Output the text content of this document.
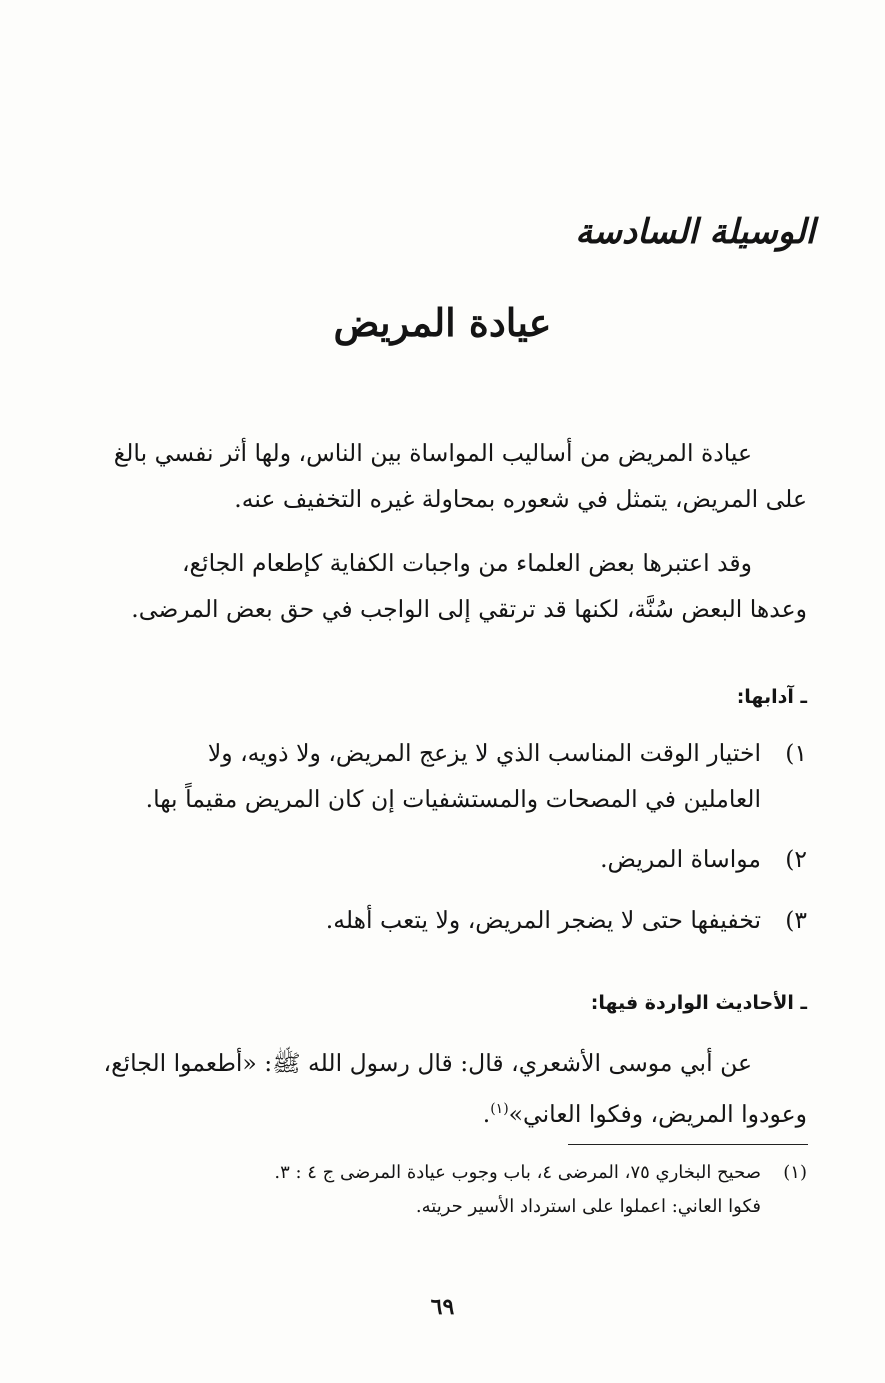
الوسيلة السادسة
عيادة المريض
عيادة المريض من أساليب المواساة بين الناس، ولها أثر نفسي بالغ
على المريض، يتمثل في شعوره بمحاولة غيره التخفيف عنه.
وقد اعتبرها بعض العلماء من واجبات الكفاية كإطعام الجائع،
وعدها البعض سُنَّة، لكنها قد ترتقي إلى الواجب في حق بعض المرضى.
ـ آدابها:
١)
اختيار الوقت المناسب الذي لا يزعج المريض، ولا ذويه، ولا
العاملين في المصحات والمستشفيات إن كان المريض مقيماً بها.
٢)
مواساة المريض.
٣)
تخفيفها حتى لا يضجر المريض، ولا يتعب أهله.
ـ الأحاديث الواردة فيها:
عن أبي موسى الأشعري، قال: قال رسول الله ﷺ: «أطعموا الجائع،
وعودوا المريض، وفكوا العاني»$^{(١)}$.
(١)
صحيح البخاري ٧٥، المرضى ٤، باب وجوب عيادة المرضى ج ٤ : ٣.
فكوا العاني: اعملوا على استرداد الأسير حريته.
٦٩
